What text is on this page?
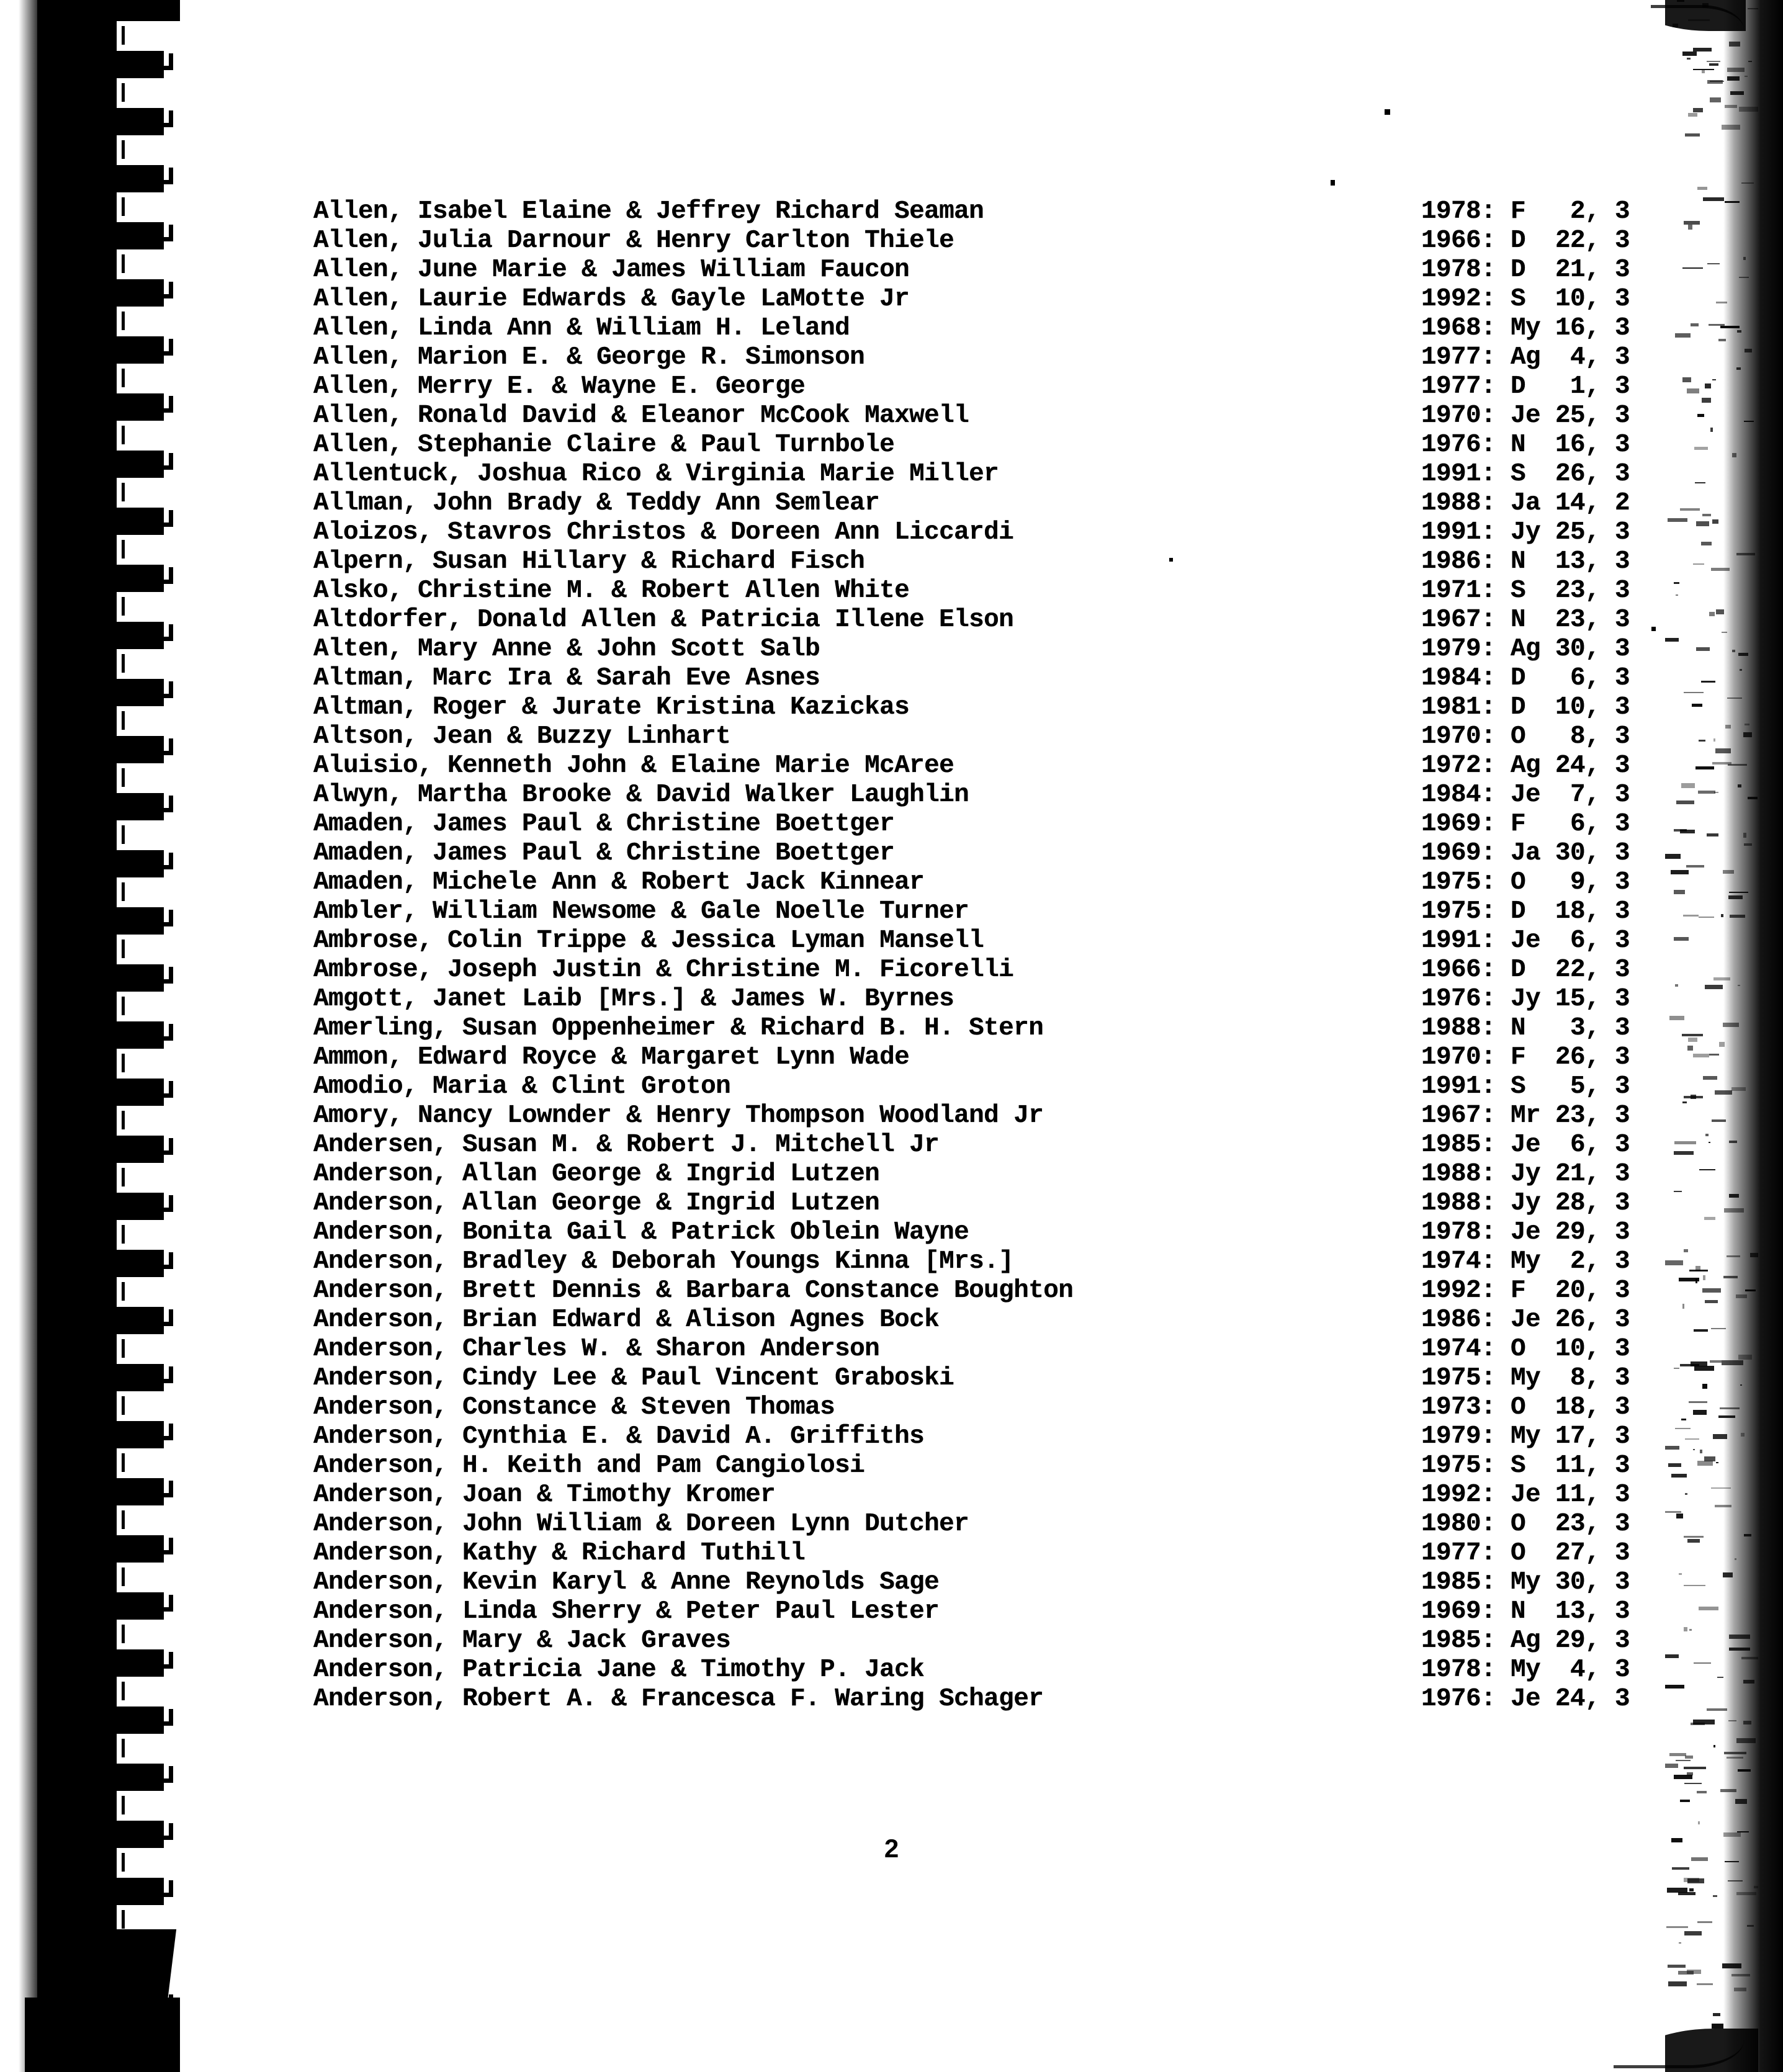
Allen, Isabel Elaine & Jeffrey Richard Seaman	1978: F   2, 3
Allen, Julia Darnour & Henry Carlton Thiele	1966: D  22, 3
Allen, June Marie & James William Faucon	1978: D  21, 3
Allen, Laurie Edwards & Gayle LaMotte Jr	1992: S  10, 3
Allen, Linda Ann & William H. Leland	1968: My 16, 3
Allen, Marion E. & George R. Simonson	1977: Ag  4, 3
Allen, Merry E. & Wayne E. George	1977: D   1, 3
Allen, Ronald David & Eleanor McCook Maxwell	1970: Je 25, 3
Allen, Stephanie Claire & Paul Turnbole	1976: N  16, 3
Allentuck, Joshua Rico & Virginia Marie Miller	1991: S  26, 3
Allman, John Brady & Teddy Ann Semlear	1988: Ja 14, 2
Aloizos, Stavros Christos & Doreen Ann Liccardi	1991: Jy 25, 3
Alpern, Susan Hillary & Richard Fisch	1986: N  13, 3
Alsko, Christine M. & Robert Allen White	1971: S  23, 3
Altdorfer, Donald Allen & Patricia Illene Elson	1967: N  23, 3
Alten, Mary Anne & John Scott Salb	1979: Ag 30, 3
Altman, Marc Ira & Sarah Eve Asnes	1984: D   6, 3
Altman, Roger & Jurate Kristina Kazickas	1981: D  10, 3
Altson, Jean & Buzzy Linhart	1970: O   8, 3
Aluisio, Kenneth John & Elaine Marie McAree	1972: Ag 24, 3
Alwyn, Martha Brooke & David Walker Laughlin	1984: Je  7, 3
Amaden, James Paul & Christine Boettger	1969: F   6, 3
Amaden, James Paul & Christine Boettger	1969: Ja 30, 3
Amaden, Michele Ann & Robert Jack Kinnear	1975: O   9, 3
Ambler, William Newsome & Gale Noelle Turner	1975: D  18, 3
Ambrose, Colin Trippe & Jessica Lyman Mansell	1991: Je  6, 3
Ambrose, Joseph Justin & Christine M. Ficorelli	1966: D  22, 3
Amgott, Janet Laib [Mrs.] & James W. Byrnes	1976: Jy 15, 3
Amerling, Susan Oppenheimer & Richard B. H. Stern	1988: N   3, 3
Ammon, Edward Royce & Margaret Lynn Wade	1970: F  26, 3
Amodio, Maria & Clint Groton	1991: S   5, 3
Amory, Nancy Lownder & Henry Thompson Woodland Jr	1967: Mr 23, 3
Andersen, Susan M. & Robert J. Mitchell Jr	1985: Je  6, 3
Anderson, Allan George & Ingrid Lutzen	1988: Jy 21, 3
Anderson, Allan George & Ingrid Lutzen	1988: Jy 28, 3
Anderson, Bonita Gail & Patrick Oblein Wayne	1978: Je 29, 3
Anderson, Bradley & Deborah Youngs Kinna [Mrs.]	1974: My  2, 3
Anderson, Brett Dennis & Barbara Constance Boughton	1992: F  20, 3
Anderson, Brian Edward & Alison Agnes Bock	1986: Je 26, 3
Anderson, Charles W. & Sharon Anderson	1974: O  10, 3
Anderson, Cindy Lee & Paul Vincent Graboski	1975: My  8, 3
Anderson, Constance & Steven Thomas	1973: O  18, 3
Anderson, Cynthia E. & David A. Griffiths	1979: My 17, 3
Anderson, H. Keith and Pam Cangiolosi	1975: S  11, 3
Anderson, Joan & Timothy Kromer	1992: Je 11, 3
Anderson, John William & Doreen Lynn Dutcher	1980: O  23, 3
Anderson, Kathy & Richard Tuthill	1977: O  27, 3
Anderson, Kevin Karyl & Anne Reynolds Sage	1985: My 30, 3
Anderson, Linda Sherry & Peter Paul Lester	1969: N  13, 3
Anderson, Mary & Jack Graves	1985: Ag 29, 3
Anderson, Patricia Jane & Timothy P. Jack	1978: My  4, 3
Anderson, Robert A. & Francesca F. Waring Schager	1976: Je 24, 3
2
